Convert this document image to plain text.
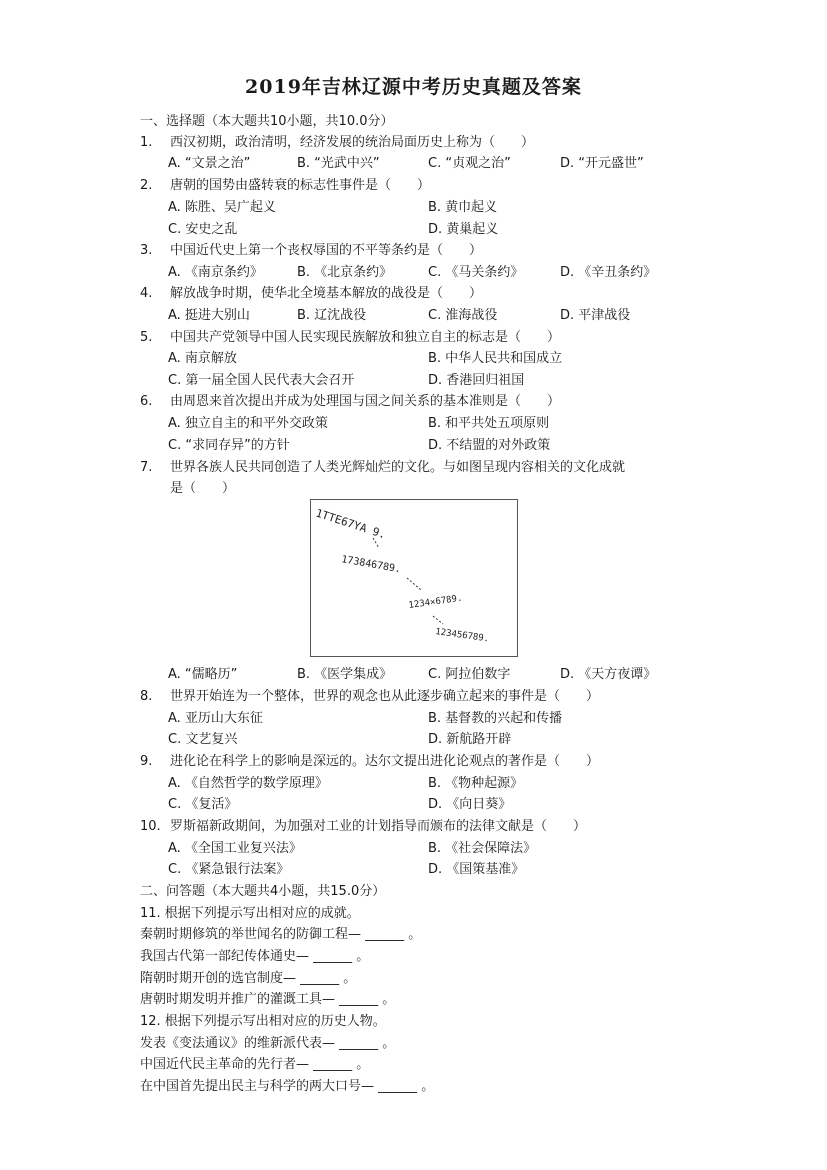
2019年吉林辽源中考历史真题及答案
一、选择题（本大题共10小题，共10.0分）
1. 西汉初期，政治清明，经济发展的统治局面历史上称为（　　）
A. “文景之治”	B. “光武中兴”	C. “贞观之治”	D. “开元盛世”
2. 唐朝的国势由盛转衰的标志性事件是（　　）
A. 陈胜、吴广起义	B. 黄巾起义
C. 安史之乱	D. 黄巢起义
3. 中国近代史上第一个丧权辱国的不平等条约是（　　）
A. 《南京条约》	B. 《北京条约》	C. 《马关条约》	D. 《辛丑条约》
4. 解放战争时期，使华北全境基本解放的战役是（　　）
A. 挺进大别山	B. 辽沈战役	C. 淮海战役	D. 平津战役
5. 中国共产党领导中国人民实现民族解放和独立自主的标志是（　　）
A. 南京解放	B. 中华人民共和国成立
C. 第一届全国人民代表大会召开	D. 香港回归祖国
6. 由周恩来首次提出并成为处理国与国之间关系的基本准则是（　　）
A. 独立自主的和平外交政策	B. 和平共处五项原则
C. “求同存异”的方针	D. 不结盟的对外政策
7. 世界各族人民共同创造了人类光辉灿烂的文化。与如图呈现内容相关的文化成就
是（　　）
1TTE67YA 9.
173846789.
1234×6789.
123456789.
A. “儒略历”	B. 《医学集成》	C. 阿拉伯数字	D. 《天方夜谭》
8. 世界开始连为一个整体，世界的观念也从此逐步确立起来的事件是（　　）
A. 亚历山大东征	B. 基督教的兴起和传播
C. 文艺复兴	D. 新航路开辟
9. 进化论在科学上的影响是深远的。达尔文提出进化论观点的著作是（　　）
A. 《自然哲学的数学原理》	B. 《物种起源》
C. 《复活》	D. 《向日葵》
10. 罗斯福新政期间，为加强对工业的计划指导而颁布的法律文献是（　　）
A. 《全国工业复兴法》	B. 《社会保障法》
C. 《紧急银行法案》	D. 《国策基准》
二、问答题（本大题共4小题，共15.0分）
11. 根据下列提示写出相对应的成就。
秦朝时期修筑的举世闻名的防御工程— ______ 。
我国古代第一部纪传体通史— ______ 。
隋朝时期开创的选官制度— ______ 。
唐朝时期发明并推广的灌溉工具— ______ 。
12. 根据下列提示写出相对应的历史人物。
发表《变法通议》的维新派代表— ______ 。
中国近代民主革命的先行者— ______ 。
在中国首先提出民主与科学的两大口号— ______ 。
